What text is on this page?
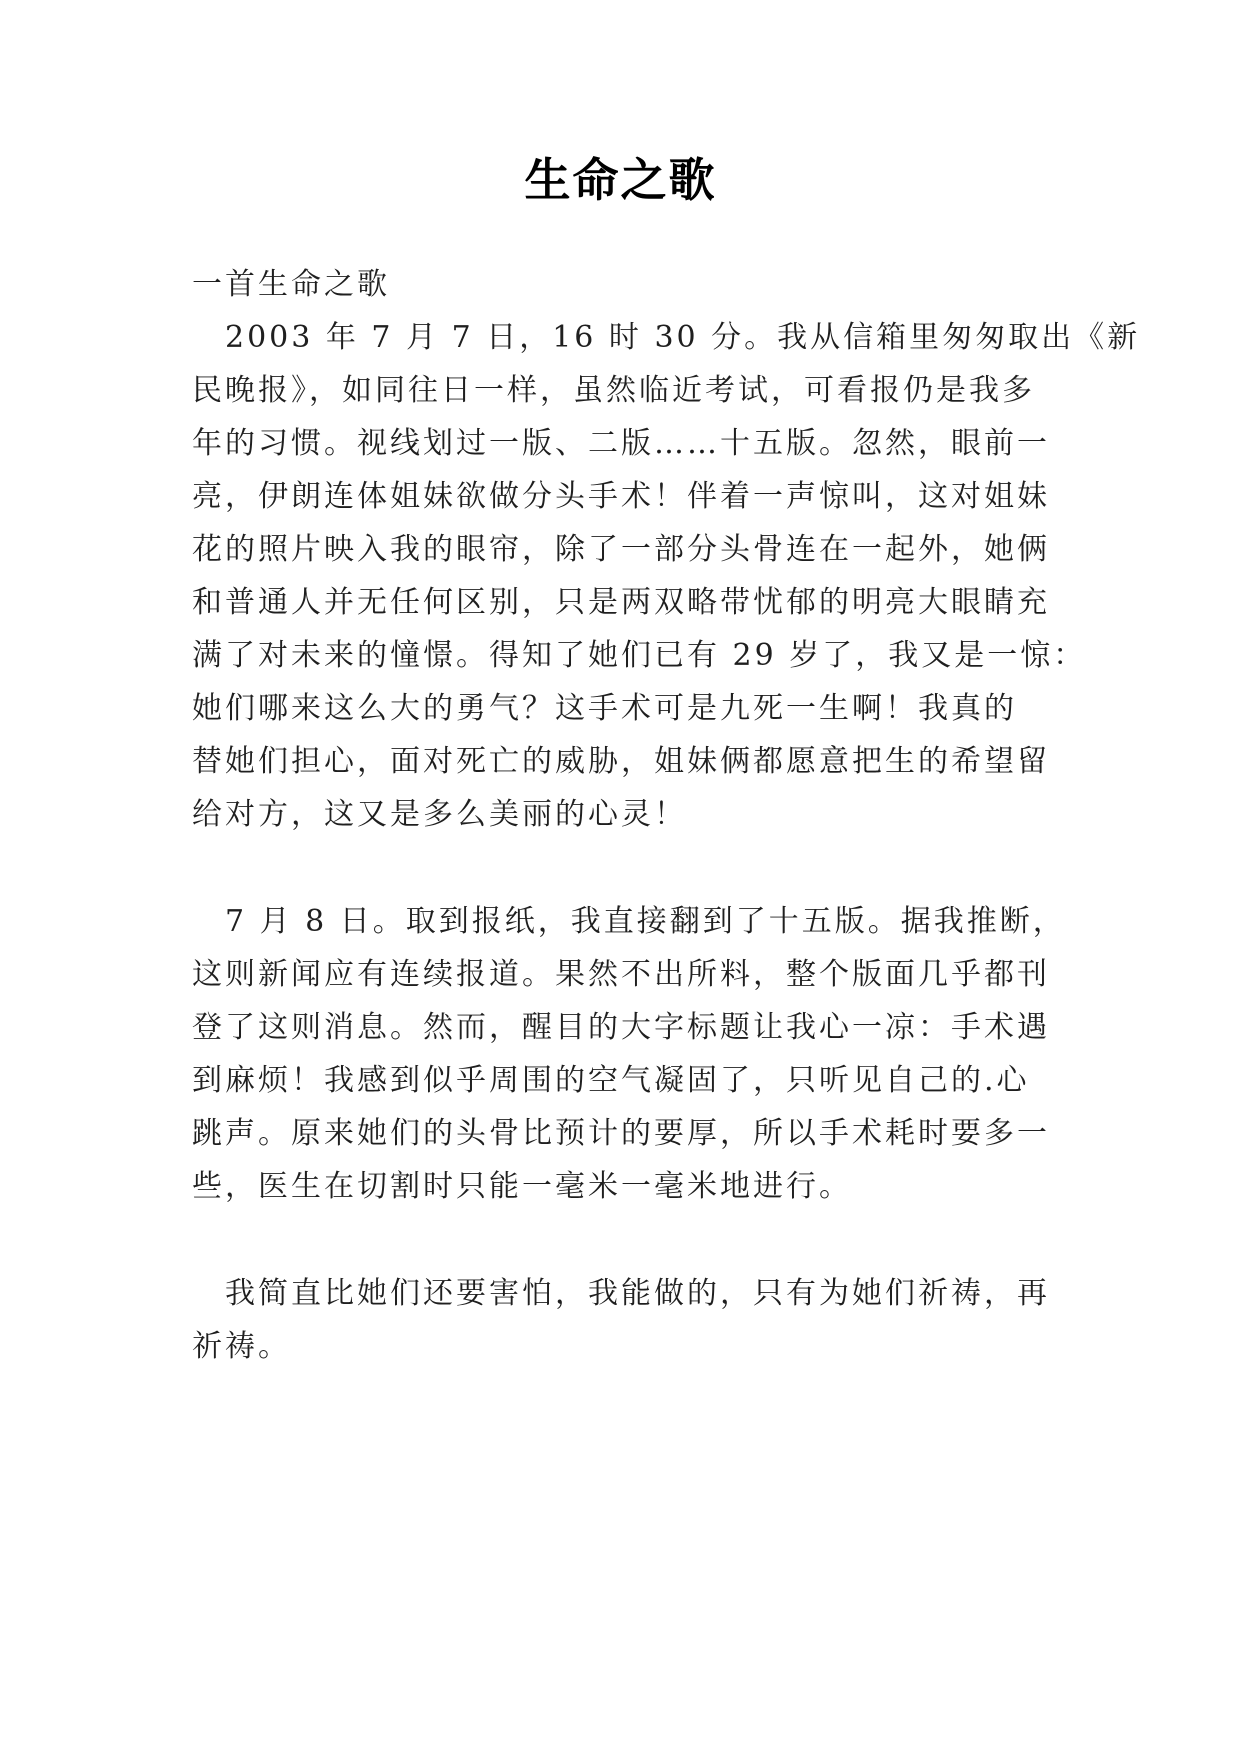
生命之歌
一首生命之歌
　2003 年 7 月 7 日，16 时 30 分。我从信箱里匆匆取出《新
民晚报》，如同往日一样，虽然临近考试，可看报仍是我多
年的习惯。视线划过一版、二版……十五版。忽然，眼前一
亮，伊朗连体姐妹欲做分头手术！伴着一声惊叫，这对姐妹
花的照片映入我的眼帘，除了一部分头骨连在一起外，她俩
和普通人并无任何区别，只是两双略带忧郁的明亮大眼睛充
满了对未来的憧憬。得知了她们已有 29 岁了，我又是一惊：
她们哪来这么大的勇气？这手术可是九死一生啊！我真的
替她们担心，面对死亡的威胁，姐妹俩都愿意把生的希望留
给对方，这又是多么美丽的心灵！
　7 月 8 日。取到报纸，我直接翻到了十五版。据我推断，
这则新闻应有连续报道。果然不出所料，整个版面几乎都刊
登了这则消息。然而，醒目的大字标题让我心一凉：手术遇
到麻烦！我感到似乎周围的空气凝固了，只听见自己的.心
跳声。原来她们的头骨比预计的要厚，所以手术耗时要多一
些，医生在切割时只能一毫米一毫米地进行。
　我简直比她们还要害怕，我能做的，只有为她们祈祷，再
祈祷。
